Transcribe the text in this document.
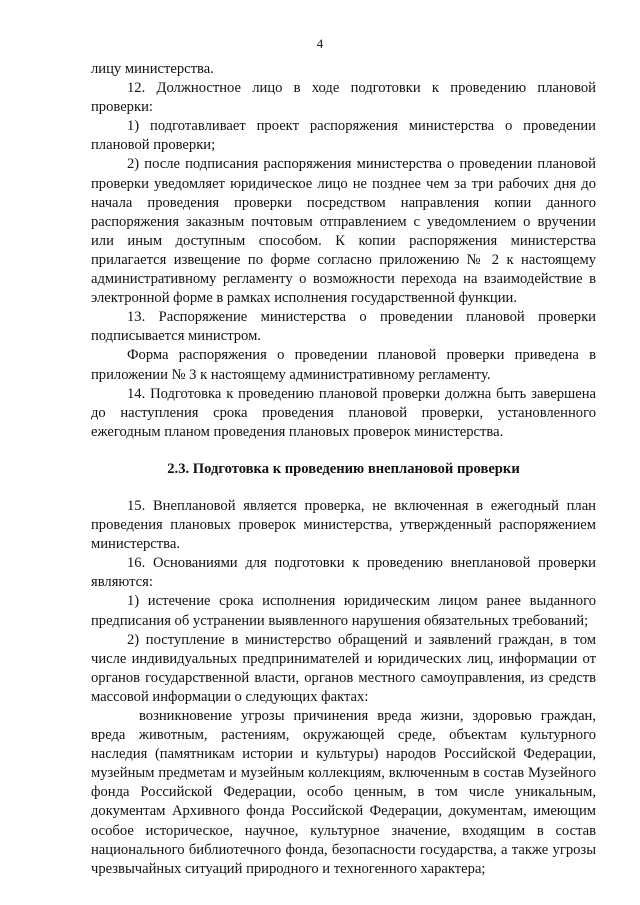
4

лицу министерства.

12. Должностное лицо в ходе подготовки к проведению плановой проверки:

1) подготавливает проект распоряжения министерства о проведении плановой проверки;

2) после подписания распоряжения министерства о проведении плановой проверки уведомляет юридическое лицо не позднее чем за три рабочих дня до начала проведения проверки посредством направления копии данного распоряжения заказным почтовым отправлением с уведомлением о вручении или иным доступным способом. К копии распоряжения министерства прилагается извещение по форме согласно приложению № 2 к настоящему административному регламенту о возможности перехода на взаимодействие в электронной форме в рамках исполнения государственной функции.

13. Распоряжение министерства о проведении плановой проверки подписывается министром.

Форма распоряжения о проведении плановой проверки приведена в приложении № 3 к настоящему административному регламенту.

14. Подготовка к проведению плановой проверки должна быть завершена до наступления срока проведения плановой проверки, установленного ежегодным планом проведения плановых проверок министерства.

2.3. Подготовка к проведению внеплановой проверки

15. Внеплановой является проверка, не включенная в ежегодный план проведения плановых проверок министерства, утвержденный распоряжением министерства.

16. Основаниями для подготовки к проведению внеплановой проверки являются:

1) истечение срока исполнения юридическим лицом ранее выданного предписания об устранении выявленного нарушения обязательных требований;

2) поступление в министерство обращений и заявлений граждан, в том числе индивидуальных предпринимателей и юридических лиц, информации от органов государственной власти, органов местного самоуправления, из средств массовой информации о следующих фактах:

возникновение угрозы причинения вреда жизни, здоровью граждан, вреда животным, растениям, окружающей среде, объектам культурного наследия (памятникам истории и культуры) народов Российской Федерации, музейным предметам и музейным коллекциям, включенным в состав Музейного фонда Российской Федерации, особо ценным, в том числе уникальным, документам Архивного фонда Российской Федерации, документам, имеющим особое историческое, научное, культурное значение, входящим в состав национального библиотечного фонда, безопасности государства, а также угрозы чрезвычайных ситуаций природного и техногенного характера;
